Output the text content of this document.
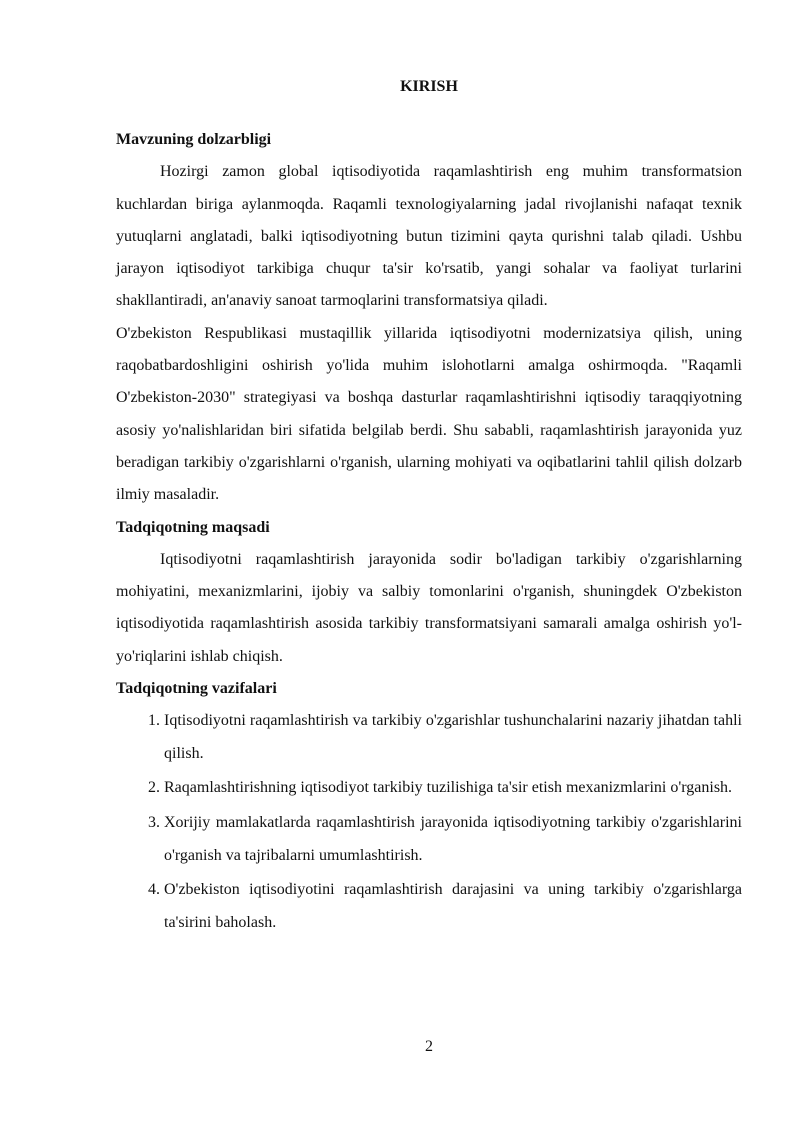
KIRISH
Mavzuning dolzarbligi

Hozirgi zamon global iqtisodiyotida raqamlashtirish eng muhim transformatsion kuchlardan biriga aylanmoqda. Raqamli texnologiyalarning jadal rivojlanishi nafaqat texnik yutuqlarni anglatadi, balki iqtisodiyotning butun tizimini qayta qurishni talab qiladi. Ushbu jarayon iqtisodiyot tarkibiga chuqur ta'sir ko'rsatib, yangi sohalar va faoliyat turlarini shakllantiradi, an'anaviy sanoat tarmoqlarini transformatsiya qiladi.

O'zbekiston Respublikasi mustaqillik yillarida iqtisodiyotni modernizatsiya qilish, uning raqobatbardoshligini oshirish yo'lida muhim islohotlarni amalga oshirmoqda. "Raqamli O'zbekiston-2030" strategiyasi va boshqa dasturlar raqamlashtirishni iqtisodiy taraqqiyotning asosiy yo'nalishlaridan biri sifatida belgilab berdi. Shu sababli, raqamlashtirish jarayonida yuz beradigan tarkibiy o'zgarishlarni o'rganish, ularning mohiyati va oqibatlarini tahlil qilish dolzarb ilmiy masaladir.

Tadqiqotning maqsadi

Iqtisodiyotni raqamlashtirish jarayonida sodir bo'ladigan tarkibiy o'zgarishlarning mohiyatini, mexanizmlarini, ijobiy va salbiy tomonlarini o'rganish, shuningdek O'zbekiston iqtisodiyotida raqamlashtirish asosida tarkibiy transformatsiyani samarali amalga oshirish yo'l-yo'riqlarini ishlab chiqish.

Tadqiqotning vazifalari
1. Iqtisodiyotni raqamlashtirish va tarkibiy o'zgarishlar tushunchalarini nazariy jihatdan tahli qilish.
2. Raqamlashtirishning iqtisodiyot tarkibiy tuzilishiga ta'sir etish mexanizmlarini o'rganish.
3. Xorijiy mamlakatlarda raqamlashtirish jarayonida iqtisodiyotning tarkibiy o'zgarishlarini o'rganish va tajribalarni umumlashtirish.
4. O'zbekiston iqtisodiyotini raqamlashtirish darajasini va uning tarkibiy o'zgarishlarga ta'sirini baholash.
2
